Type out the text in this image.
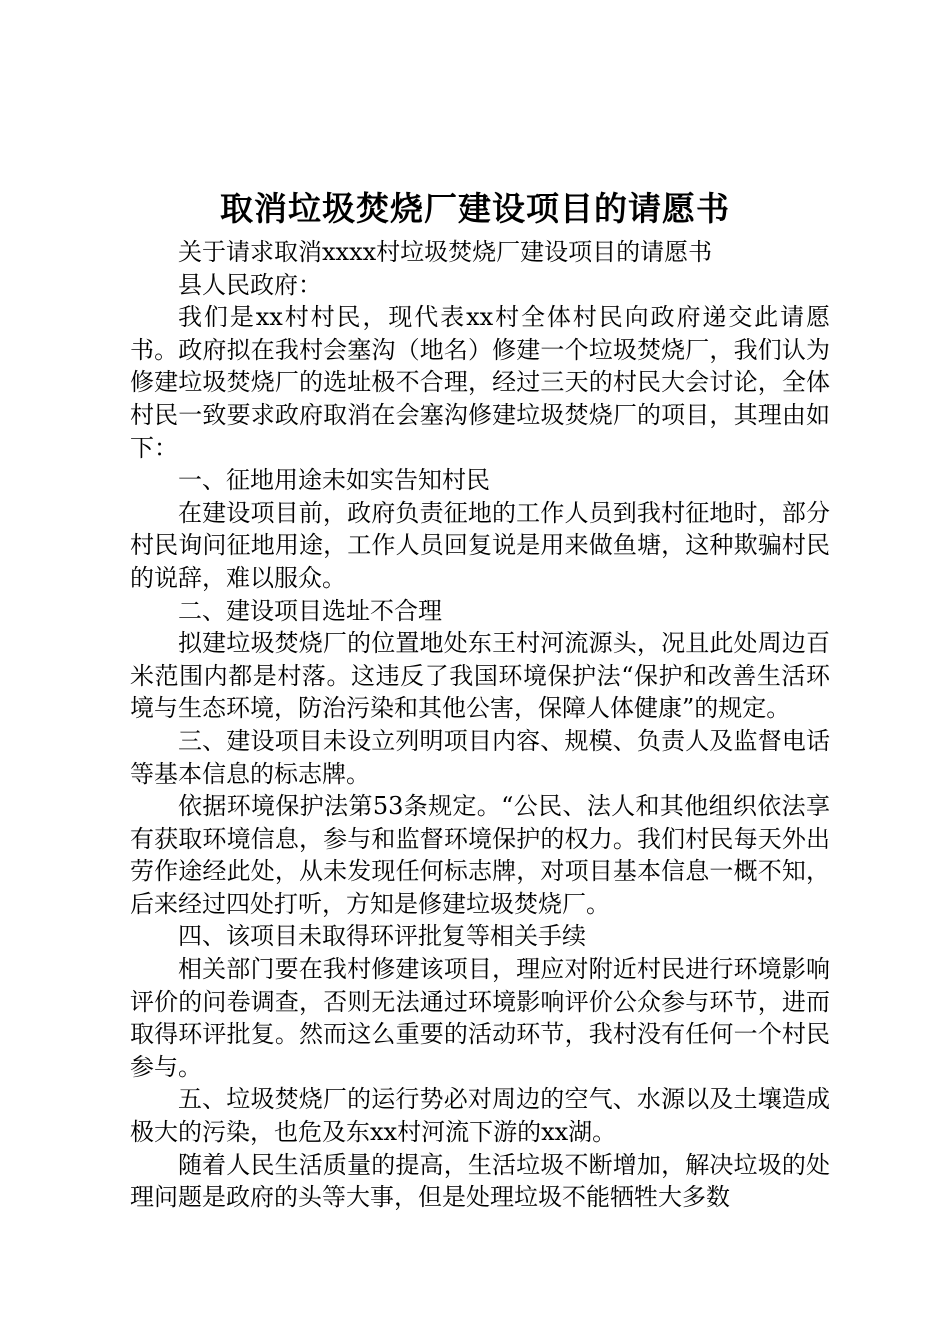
取消垃圾焚烧厂建设项目的请愿书

关于请求取消xxxx村垃圾焚烧厂建设项目的请愿书

县人民政府：

我们是xx村村民，现代表xx村全体村民向政府递交此请愿书。政府拟在我村会塞沟（地名）修建一个垃圾焚烧厂，我们认为修建垃圾焚烧厂的选址极不合理，经过三天的村民大会讨论，全体村民一致要求政府取消在会塞沟修建垃圾焚烧厂的项目，其理由如下：

一、征地用途未如实告知村民

在建设项目前，政府负责征地的工作人员到我村征地时，部分村民询问征地用途，工作人员回复说是用来做鱼塘，这种欺骗村民的说辞，难以服众。

二、建设项目选址不合理

拟建垃圾焚烧厂的位置地处东王村河流源头，况且此处周边百米范围内都是村落。这违反了我国环境保护法“保护和改善生活环境与生态环境，防治污染和其他公害，保障人体健康”的规定。

三、建设项目未设立列明项目内容、规模、负责人及监督电话等基本信息的标志牌。

依据环境保护法第53条规定。“公民、法人和其他组织依法享有获取环境信息，参与和监督环境保护的权力。我们村民每天外出劳作途经此处，从未发现任何标志牌，对项目基本信息一概不知，后来经过四处打听，方知是修建垃圾焚烧厂。

四、该项目未取得环评批复等相关手续

相关部门要在我村修建该项目，理应对附近村民进行环境影响评价的问卷调查，否则无法通过环境影响评价公众参与环节，进而取得环评批复。然而这么重要的活动环节，我村没有任何一个村民参与。

五、垃圾焚烧厂的运行势必对周边的空气、水源以及土壤造成极大的污染，也危及东xx村河流下游的xx湖。

随着人民生活质量的提高，生活垃圾不断增加，解决垃圾的处理问题是政府的头等大事，但是处理垃圾不能牺牲大多数
